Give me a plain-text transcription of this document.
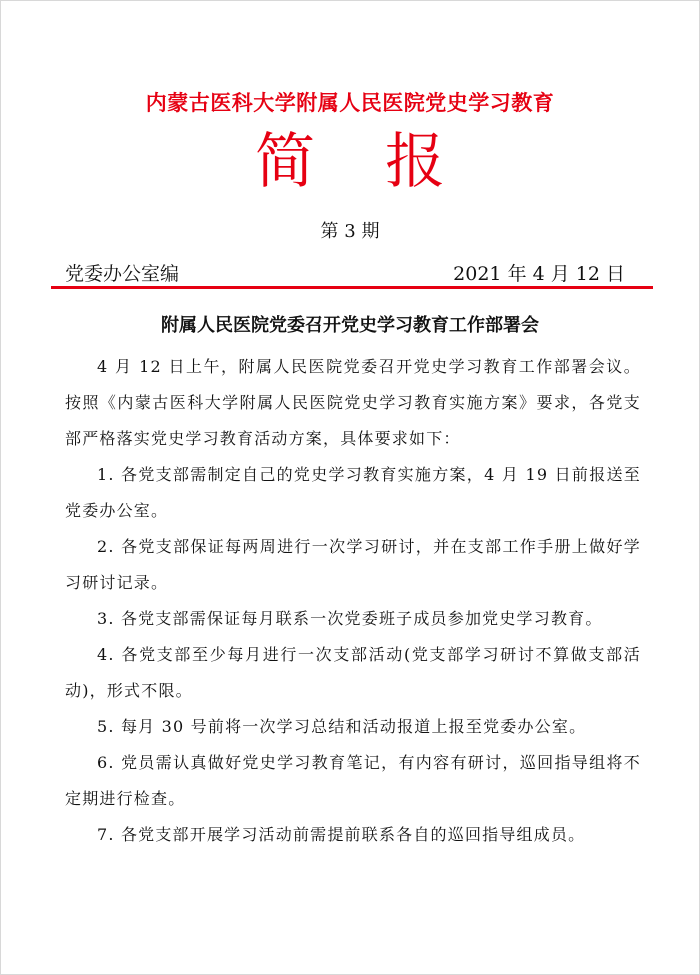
内蒙古医科大学附属人民医院党史学习教育
简报
第 3 期
党委办公室编	2021 年 4 月 12 日
附属人民医院党委召开党史学习教育工作部署会

4 月 12 日上午，附属人民医院党委召开党史学习教育工作部署会议。按照《内蒙古医科大学附属人民医院党史学习教育实施方案》要求，各党支部严格落实党史学习教育活动方案，具体要求如下：

1. 各党支部需制定自己的党史学习教育实施方案，4 月 19 日前报送至党委办公室。

2. 各党支部保证每两周进行一次学习研讨，并在支部工作手册上做好学习研讨记录。

3. 各党支部需保证每月联系一次党委班子成员参加党史学习教育。

4. 各党支部至少每月进行一次支部活动(党支部学习研讨不算做支部活动)，形式不限。

5. 每月 30 号前将一次学习总结和活动报道上报至党委办公室。

6. 党员需认真做好党史学习教育笔记，有内容有研讨，巡回指导组将不定期进行检查。

7. 各党支部开展学习活动前需提前联系各自的巡回指导组成员。
